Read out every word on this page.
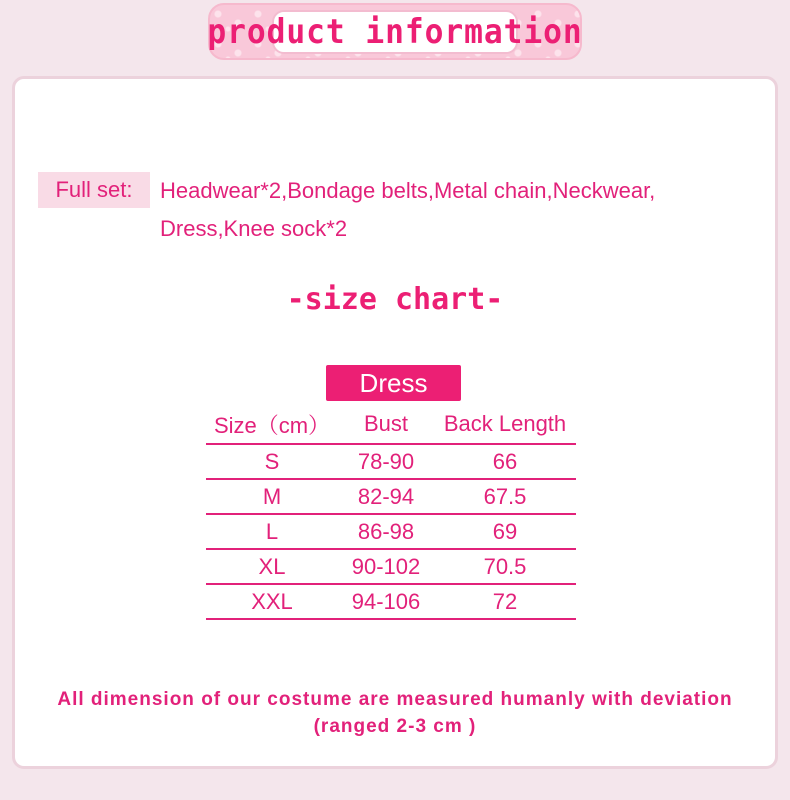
product information
Full set:	Headwear*2,Bondage belts,Metal chain,Neckwear,
Dress,Knee sock*2
-size chart-
Dress
Size（cm）	Bust	Back Length
S	78-90	66
M	82-94	67.5
L	86-98	69
XL	90-102	70.5
XXL	94-106	72
All dimension of our costume are measured humanly with deviation
(ranged 2-3 cm )
